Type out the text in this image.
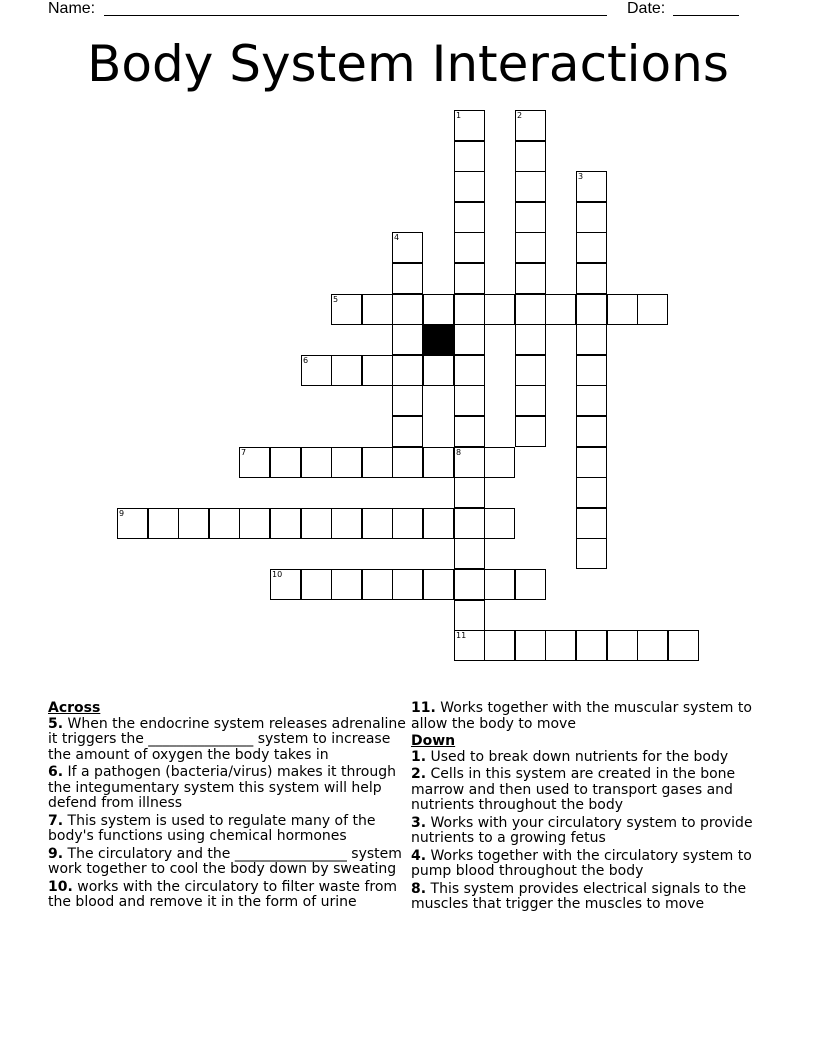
Name:	Date:
Body System Interactions
1
8
2
3
4
5
6
7
11
9
10
Across
5. When the endocrine system releases adrenaline it triggers the _______________ system to increase the amount of oxygen the body takes in
6. If a pathogen (bacteria/virus) makes it through the integumentary system this system will help defend from illness
7. This system is used to regulate many of the body's functions using chemical hormones
9. The circulatory and the ________________ system work together to cool the body down by sweating
10. works with the circulatory to filter waste from the blood and remove it in the form of urine
11. Works together with the muscular system to allow the body to move
Down
1. Used to break down nutrients for the body
2. Cells in this system are created in the bone marrow and then used to transport gases and nutrients throughout the body
3. Works with your circulatory system to provide nutrients to a growing fetus
4. Works together with the circulatory system to pump blood throughout the body
8. This system provides electrical signals to the muscles that trigger the muscles to move
